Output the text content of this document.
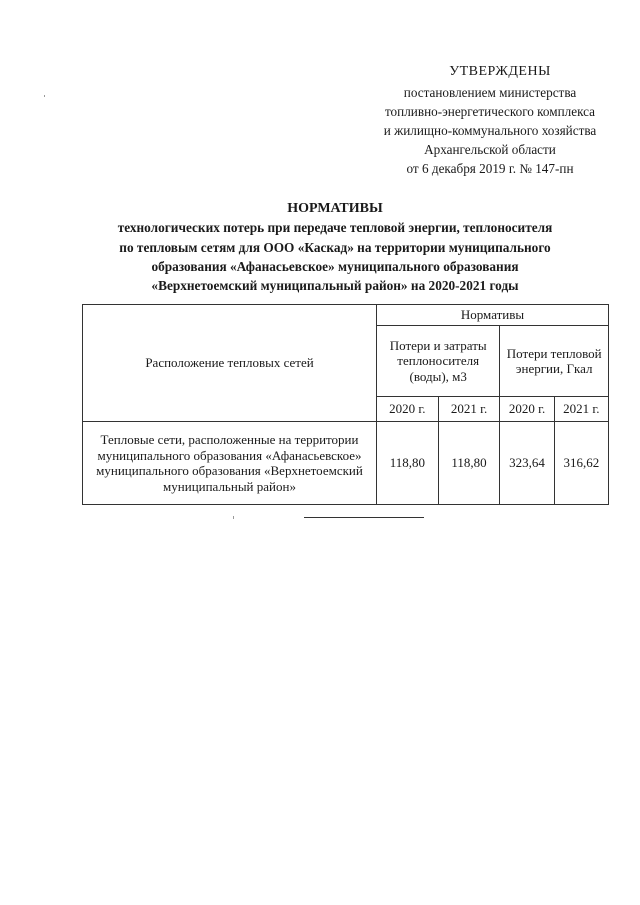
УТВЕРЖДЕНЫ
постановлением министерства
топливно-энергетического комплекса
и жилищно-коммунального хозяйства
Архангельской области
от 6 декабря 2019 г. № 147-пн
НОРМАТИВЫ
технологических потерь при передаче тепловой энергии, теплоносителя
по тепловым сетям для ООО «Каскад» на территории муниципального
образования «Афанасьевское» муниципального образования
«Верхнетоемский муниципальный район» на 2020-2021 годы
Расположение тепловых сетей	Нормативы			
	Потери и затраты теплоносителя (воды), м3		Потери тепловой энергии, Гкал	
	2020 г.	2021 г.	2020 г.	2021 г.
Тепловые сети, расположенные на территории муниципального образования «Афанасьевское» муниципального образования «Верхнетоемский муниципальный район»	118,80	118,80	323,64	316,62
